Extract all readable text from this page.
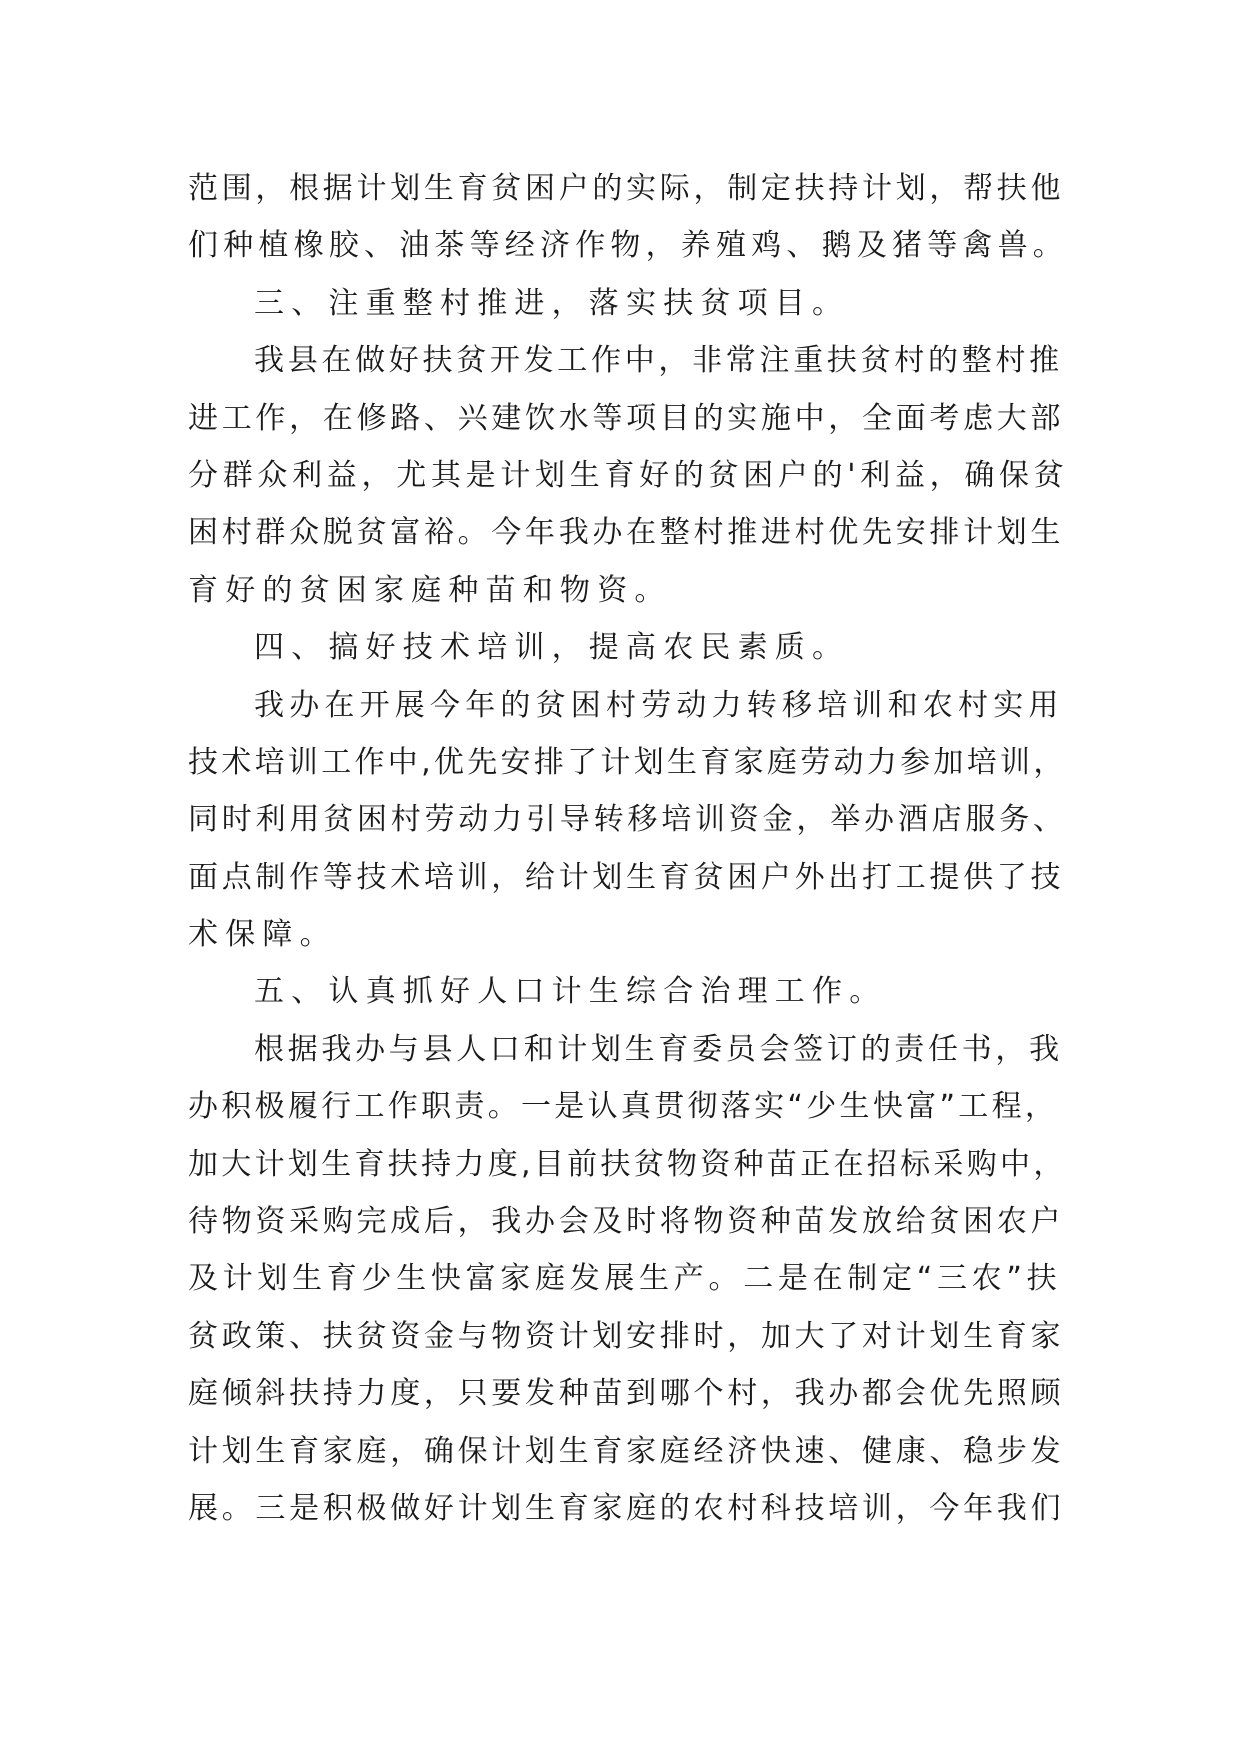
范围，根据计划生育贫困户的实际，制定扶持计划，帮扶他
们种植橡胶、油茶等经济作物，养殖鸡、鹅及猪等禽兽。
三、注重整村推进，落实扶贫项目。
我县在做好扶贫开发工作中，非常注重扶贫村的整村推
进工作，在修路、兴建饮水等项目的实施中，全面考虑大部
分群众利益，尤其是计划生育好的贫困户的'利益，确保贫
困村群众脱贫富裕。今年我办在整村推进村优先安排计划生
育好的贫困家庭种苗和物资。
四、搞好技术培训，提高农民素质。
我办在开展今年的贫困村劳动力转移培训和农村实用
技术培训工作中,优先安排了计划生育家庭劳动力参加培训，
同时利用贫困村劳动力引导转移培训资金，举办酒店服务、
面点制作等技术培训，给计划生育贫困户外出打工提供了技
术保障。
五、认真抓好人口计生综合治理工作。
根据我办与县人口和计划生育委员会签订的责任书，我
办积极履行工作职责。一是认真贯彻落实“少生快富”工程，
加大计划生育扶持力度,目前扶贫物资种苗正在招标采购中，
待物资采购完成后，我办会及时将物资种苗发放给贫困农户
及计划生育少生快富家庭发展生产。二是在制定“三农”扶
贫政策、扶贫资金与物资计划安排时，加大了对计划生育家
庭倾斜扶持力度，只要发种苗到哪个村，我办都会优先照顾
计划生育家庭，确保计划生育家庭经济快速、健康、稳步发
展。三是积极做好计划生育家庭的农村科技培训，今年我们
